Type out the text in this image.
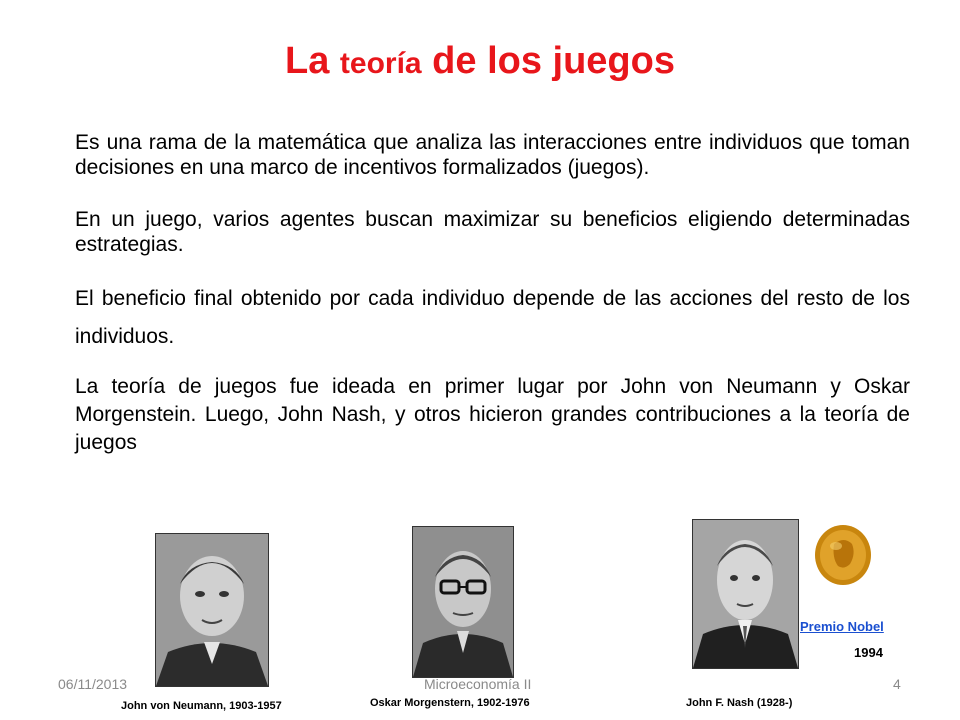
La teoría de los juegos
Es una rama de la matemática que analiza las interacciones entre individuos que toman decisiones en una marco de incentivos formalizados (juegos).
En un juego, varios agentes buscan maximizar su beneficios eligiendo determinadas estrategias.
El beneficio final obtenido por cada individuo depende de las acciones del resto de los individuos.
La teoría de juegos fue ideada en primer lugar por John von Neumann y Oskar Morgenstein. Luego, John Nash, y otros hicieron grandes contribuciones a la teoría de juegos
John von Neumann, 1903-1957	Oskar Morgenstern, 1902-1976	John F. Nash (1928-)
Premio Nobel
1994
06/11/2013	Microeconomía II	4
